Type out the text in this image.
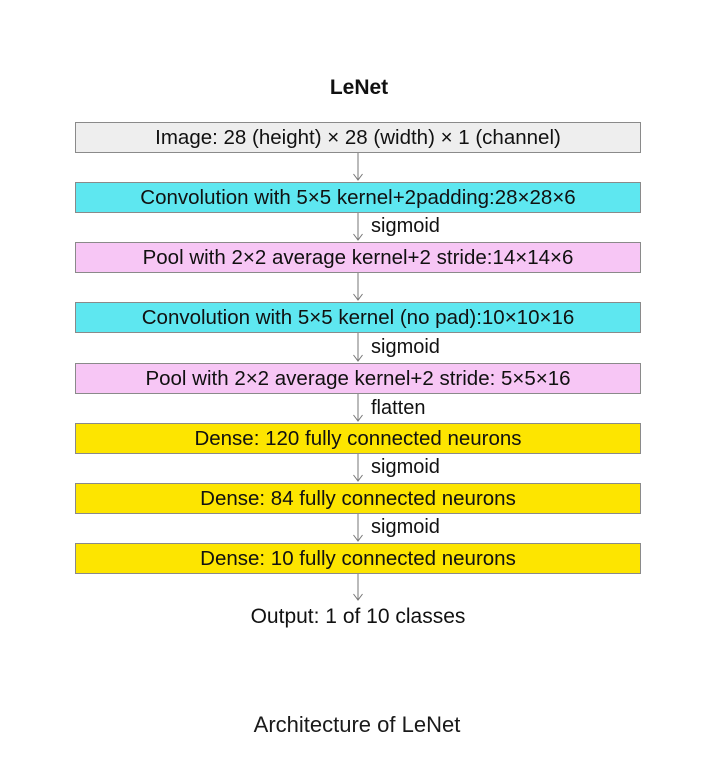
LeNet
Image: 28 (height) × 28 (width) × 1 (channel)
Convolution with 5×5 kernel+2padding:28×28×6
Pool with 2×2 average kernel+2 stride:14×14×6
Convolution with 5×5 kernel (no pad):10×10×16
Pool with 2×2 average kernel+2 stride: 5×5×16
Dense: 120 fully connected neurons
Dense: 84 fully connected neurons
Dense: 10 fully connected neurons
sigmoid
sigmoid
flatten
sigmoid
sigmoid
Output: 1 of 10 classes
Architecture of LeNet
